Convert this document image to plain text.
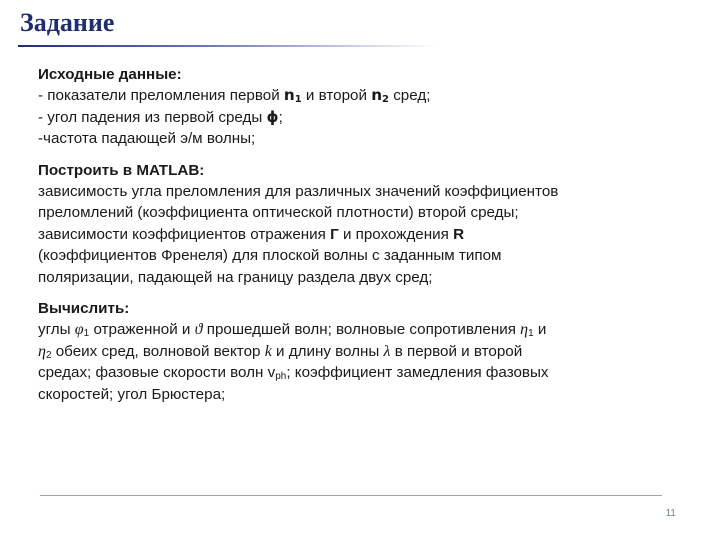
Задание
Исходные данные:
- показатели преломления первой $n_1$ и второй $n_2$ сред;
- угол падения из первой среды ϕ;
-частота падающей э/м волны;
Построить в MATLAB:
зависимость угла преломления для различных значений коэффициентов
преломлений (коэффициента оптической плотности) второй среды;
зависимости коэффициентов отражения Г и прохождения R
(коэффициентов Френеля) для плоской волны с заданным типом
поляризации, падающей на границу раздела двух сред;
Вычислить:
углы $\varphi_1$ отраженной и ϑ прошедшей волн; волновые сопротивления $\eta_1$ и
$\eta_2$ обеих сред, волновой вектор k и длину волны λ в первой и второй
средах; фазовые скорости волн $v_{ph}$; коэффициент замедления фазовых
скоростей; угол Брюстера;
11
